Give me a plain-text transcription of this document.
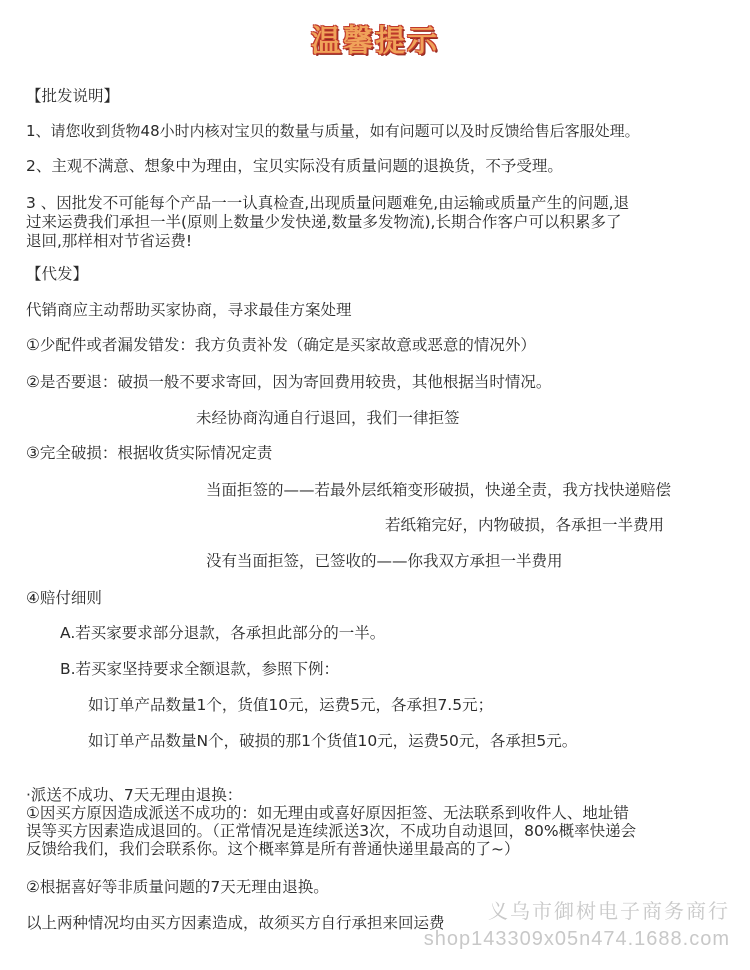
温馨提示
【批发说明】
1、请您收到货物48小时内核对宝贝的数量与质量，如有问题可以及时反馈给售后客服处理。
2、主观不满意、想象中为理由，宝贝实际没有质量问题的退换货，不予受理。
3 、因批发不可能每个产品一一认真检查,出现质量问题难免,由运输或质量产生的问题,退
过来运费我们承担一半(原则上数量少发快递,数量多发物流),长期合作客户可以积累多了
退回,那样相对节省运费!
【代发】
代销商应主动帮助买家协商，寻求最佳方案处理
①少配件或者漏发错发：我方负责补发（确定是买家故意或恶意的情况外）
②是否要退：破损一般不要求寄回，因为寄回费用较贵，其他根据当时情况。
未经协商沟通自行退回，我们一律拒签
③完全破损：根据收货实际情况定责
当面拒签的——若最外层纸箱变形破损，快递全责，我方找快递赔偿
若纸箱完好，内物破损，各承担一半费用
没有当面拒签，已签收的——你我双方承担一半费用
④赔付细则
A.若买家要求部分退款，各承担此部分的一半。
B.若买家坚持要求全额退款，参照下例：
如订单产品数量1个，货值10元，运费5元，各承担7.5元；
如订单产品数量N个，破损的那1个货值10元，运费50元，各承担5元。
·派送不成功、7天无理由退换：
①因买方原因造成派送不成功的：如无理由或喜好原因拒签、无法联系到收件人、地址错
误等买方因素造成退回的。（正常情况是连续派送3次，不成功自动退回，80%概率快递会
反馈给我们，我们会联系你。这个概率算是所有普通快递里最高的了~）
②根据喜好等非质量问题的7天无理由退换。
以上两种情况均由买方因素造成，故须买方自行承担来回运费 义乌市御树电子商务商行
shop143309x05n474.1688.com
